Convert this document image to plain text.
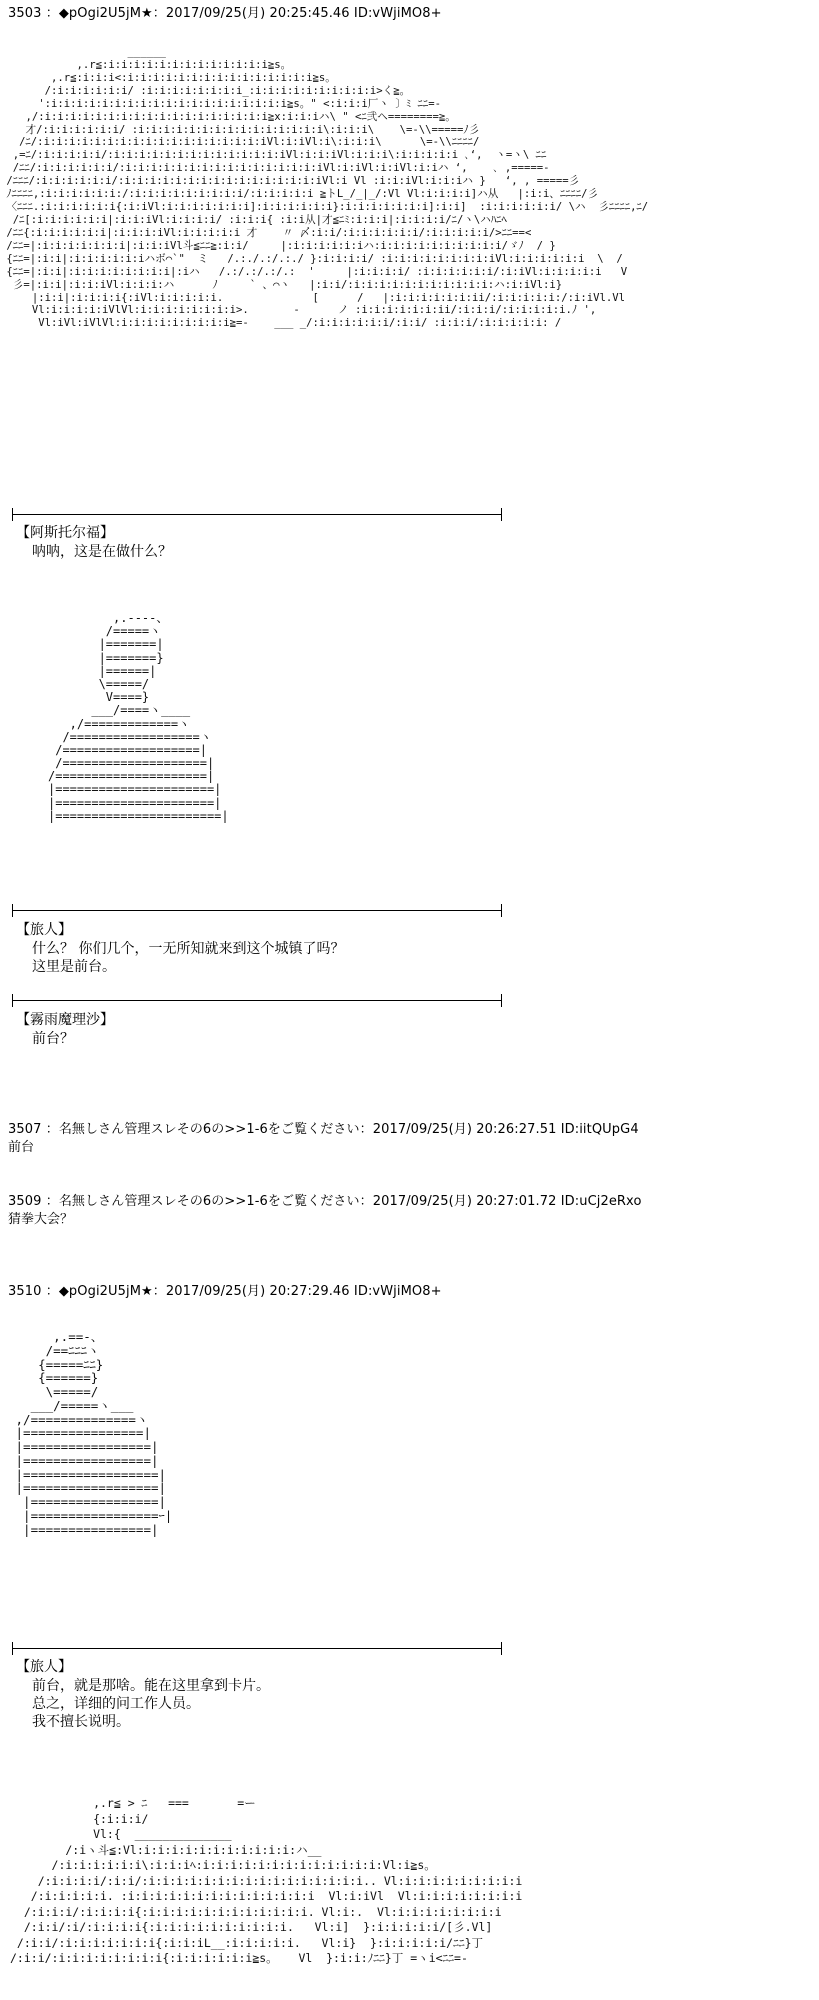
3503 ：◆pOgi2U5jM★：2017/09/25(月) 20:25:45.46 ID:vWjiMO8+
______
,.r≦:i:i:i:i:i:i:i:i:i:i:i:i:i≧s。
,.r≦:i:i:i<:i:i:i:i:i:i:i:i:i:i:i:i:i:i:i≧s。
/:i:i:i:i:i:i/ :i:i:i:i:i:i:i:i_:i:i:i:i:i:i:i:i:i:i>く≧。
':i:i:i:i:i:i:i:i:i:i:i:i:i:i:i:i:i:i:i≧s。" <:i:i:i厂ヽ 〕ﾐ ﾆﾆ=-
,/:i:i:i:i:i:i:i:i:i:i:i:i:i:i:i:i:i:i≧x:i:i:iハ\ " <ﾆ弐ヘ========≧。
才/:i:i:i:i:i:i/ :i:i:i:i:i:i:i:i:i:i:i:i:i:i:i\:i:i:i\    \=-\\=====ﾉ彡
/ﾆ/:i:i:i:i:i:i:i:i:i:i:i:i:i:i:i:i:i:iVl:i:iVl:i\:i:i:i\      \=-\\ﾆﾆﾆﾆ/
,=ﾆ/:i:i:i:i:i/:i:i:i:i:i:i:i:i:i:i:i:i:i:iVl:i:i:iVl:i:i:i\:i:i:i:i:i ､‘,  ヽ=ヽ\ ﾆﾆ
/ﾆﾆ/:i:i:i:i:i:i/:i:i:i:i:i:i:i:i:i:i:i:i:i:i:i:iVl:i:iVl:i:iVl:i:iハ ‘,    ､ ,=====-
/ﾆﾆﾆ/:i:i:i:i:i:i/:i:i:i:i:i:i:i:i:i:i:i:i:i:i:i:iVl:i Vl :i:i:iVl:i:i:iハ }   ‘, , =====彡
ﾉﾆﾆﾆﾆ,:i:i:i:i:i:i:/:i:i:i:i:i:i:i:i:i/:i:i:i:i:i ≧トL_/_|_/:Vl Vl:i:i:i:i]ハ从   |:i:i、ﾆﾆﾆﾆ/彡
〈ﾆﾆﾆ.:i:i:i:i:i:i{:i:iVl:i:i:i:i:i:i:i]:i:i:i:i:i:i}:i:i:i:i:i:i:i]:i:i]  :i:i:i:i:i:i/ \ハ  彡ﾆﾆﾆﾆ,ﾆ/
/ﾆ[:i:i:i:i:i:i|:i:i:iVl:i:i:i:i/ :i:i:i{ :i:i从|才≦ﾆﾐ:i:i:i|:i:i:i:i/ﾆ/ヽ\ハﾊﾆﾍ
/ﾆﾆ{:i:i:i:i:i:i|:i:i:i:iVl:i:i:i:i:i 才    〃 〆:i:i/:i:i:i:i:i:i/:i:i:i:i:i/>ﾆﾆ==<
/ﾆﾆ=|:i:i:i:i:i:i:i|:i:i:iVl斗≦ﾆﾆ≧:i:i/     |:i:i:i:i:i:iハ:i:i:i:i:i:i:i:i:i:i/ゞﾉ  / }
{ﾆﾆ=|:i:i|:i:i:i:i:i:iハボ⌒`"  ミ   /.:./.:/.:./ }:i:i:i:i/ :i:i:i:i:i:i:i:i:iVl:i:i:i:i:i:i  \  /
{ﾆﾆ=|:i:i|:i:i:i:i:i:i:i:i|:iハ   /.:/.:/.:/.:  '     |:i:i:i:i/ :i:i:i:i:i:i/:i:iVl:i:i:i:i:i   V
彡=|:i:i|:i:i:iVl:i:i:i:ハ      ﾉ     ` 、⌒ヽ   |:i:i/:i:i:i:i:i:i:i:i:i:i:i:ハ:i:iVl:i}
|:i:i|:i:i:i:i{:iVl:i:i:i:i:i.              [      /   |:i:i:i:i:i:i:ii/:i:i:i:i:i:/:i:iVl.Vl
Vl:i:i:i:i:iVlVl:i:i:i:i:i:i:i:i>.       -      ノ :i:i:i:i:i:i:ii/:i:i:i/:i:i:i:i:i.ﾉ ',
Vl:iVl:iVlVl:i:i:i:i:i:i:i:i:i≧=-    ___ _/:i:i:i:i:i:i/:i:i/ :i:i:i/:i:i:i:i:i: /
【阿斯托尔福】
呐呐，这是在做什么？
,.----、
/=====ヽ
|=======|
|=======}
|======|
\=====/
V====}
___/====ヽ____
,/=============ヽ
/==================ヽ
/===================|
/====================|
/=====================|
|======================|
|======================|
|=======================|
【旅人】
什么？ 你们几个，一无所知就来到这个城镇了吗？
这里是前台。
【霧雨魔理沙】
前台？
3507 ：名無しさん管理スレその6の>>1-6をご覧ください：2017/09/25(月) 20:26:27.51 ID:iitQUpG4
前台
3509 ：名無しさん管理スレその6の>>1-6をご覧ください：2017/09/25(月) 20:27:01.72 ID:uCj2eRxo
猜拳大会？
3510 ：◆pOgi2U5jM★：2017/09/25(月) 20:27:29.46 ID:vWjiMO8+
,.==-、
/==ﾆﾆﾆヽ
{=====ﾆﾆ}
{======}
\=====/
___/=====ヽ___
,/==============ヽ
|================|
|=================|
|=================|
|==================|
|==================|
|=================|
|=================ｰ|
|================|
【旅人】
前台，就是那啥。能在这里拿到卡片。
总之，详细的问工作人员。
我不擅长说明。
,.r≦ > ﾆ   ===       =ー
{:i:i:i/
Vl:{  ______________
/:iヽ斗≦:Vl:i:i:i:i:i:i:i:i:i:i:i:ハ__
/:i:i:i:i:i:i\:i:i:iﾍ:i:i:i:i:i:i:i:i:i:i:i:i:i:Vl:i≧s。
/:i:i:i:i/:i:i/:i:i:i:i:i:i:i:i:i:i:i:i:i:i:i:i.. Vl:i:i:i:i:i:i:i:i:i
/:i:i:i:i:i. :i:i:i:i:i:i:i:i:i:i:i:i:i:i  Vl:i:iVl  Vl:i:i:i:i:i:i:i:i
/:i:i:i/:i:i:i:i{:i:i:i:i:i:i:i:i:i:i:i:i. Vl:i:.  Vl:i:i:i:i:i:i:i:i
/:i:i/:i/:i:i:i:i{:i:i:i:i:i:i:i:i:i:i.   Vl:i]  }:i:i:i:i:i/[彡.Vl]
/:i:i/:i:i:i:i:i:i:i{:i:i:iL__:i:i:i:i:i.   Vl:i}  }:i:i:i:i:i/ﾆﾆ}丁
/:i:i/:i:i:i:i:i:i:i:i{:i:i:i:i:i:i≧s。   Vl  }:i:i:ﾉﾆﾆ}丁 =ヽi<ﾆﾆ=-
